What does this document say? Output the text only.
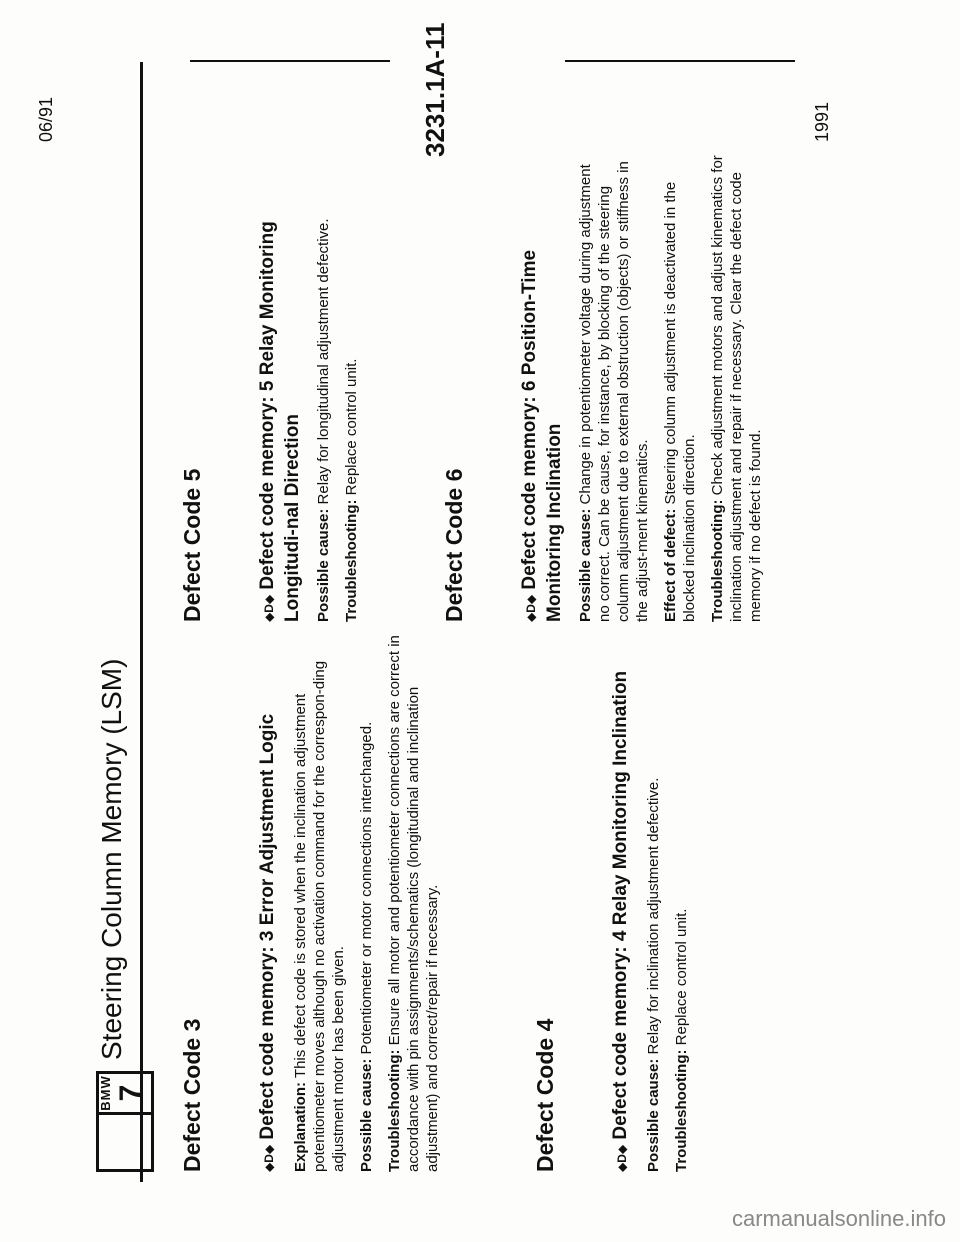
BMW 7
Steering Column Memory (LSM)
06/91	3231.1A-11	1991
Defect Code 3	◆D◆ Defect code memory: 3 Error Adjustment Logic Explanation: This defect code is stored when the inclination adjustment potentiometer moves although no activation command for the correspon-ding adjustment motor has been given. Possible cause: Potentiometer or motor connections interchanged.

Troubleshooting: Ensure all motor and potentiometer connections are correct in accordance with pin assignments/schematics (longitudinal and inclination adjustment) and correct/repair if necessary.	Defect Code 4	◆D◆ Defect code memory: 4 Relay Monitoring Inclination Possible cause: Relay for inclination adjustment defective.

Troubleshooting: Replace control unit.

Defect Code 5	◆D◆ Defect code memory: 5 Relay Monitoring Longitudi-nal Direction Possible cause: Relay for longitudinal adjustment defective.

Troubleshooting: Replace control unit.

Defect Code 6	◆D◆ Defect code memory: 6 Position-Time Monitoring Inclination Possible cause: Change in potentiometer voltage during adjustment no correct. Can be cause, for instance, by blocking of the steering column adjustment due to external obstruction (objects) or stiffness in the adjust-ment kinematics. Effect of defect: Steering column adjustment is deactivated in the blocked inclination direction. Troubleshooting: Check adjustment motors and adjust kinematics for inclination adjustment and repair if necessary. Clear the defect code memory if no defect is found.

carmanualsonline.info
